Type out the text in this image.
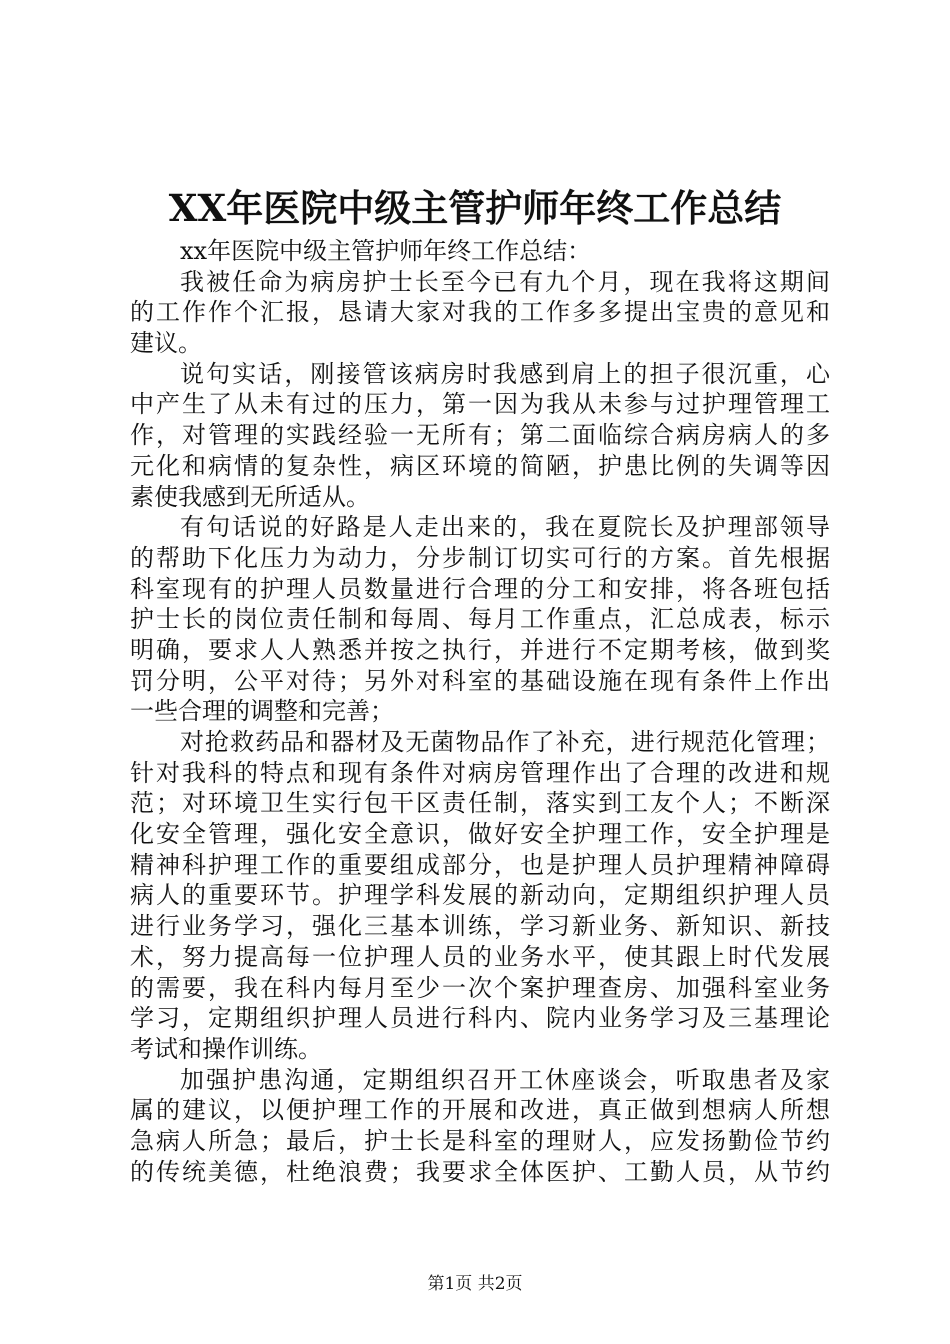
XX年医院中级主管护师年终工作总结
xx年医院中级主管护师年终工作总结：
我被任命为病房护士长至今已有九个月，现在我将这期间
的工作作个汇报，恳请大家对我的工作多多提出宝贵的意见和
建议。
说句实话，刚接管该病房时我感到肩上的担子很沉重，心
中产生了从未有过的压力，第一因为我从未参与过护理管理工
作，对管理的实践经验一无所有；第二面临综合病房病人的多
元化和病情的复杂性，病区环境的简陋，护患比例的失调等因
素使我感到无所适从。
有句话说的好路是人走出来的，我在夏院长及护理部领导
的帮助下化压力为动力，分步制订切实可行的方案。首先根据
科室现有的护理人员数量进行合理的分工和安排，将各班包括
护士长的岗位责任制和每周、每月工作重点，汇总成表，标示
明确，要求人人熟悉并按之执行，并进行不定期考核，做到奖
罚分明，公平对待；另外对科室的基础设施在现有条件上作出
一些合理的调整和完善；
对抢救药品和器材及无菌物品作了补充，进行规范化管理；
针对我科的特点和现有条件对病房管理作出了合理的改进和规
范；对环境卫生实行包干区责任制，落实到工友个人；不断深
化安全管理，强化安全意识，做好安全护理工作，安全护理是
精神科护理工作的重要组成部分，也是护理人员护理精神障碍
病人的重要环节。护理学科发展的新动向，定期组织护理人员
进行业务学习，强化三基本训练，学习新业务、新知识、新技
术，努力提高每一位护理人员的业务水平，使其跟上时代发展
的需要，我在科内每月至少一次个案护理查房、加强科室业务
学习，定期组织护理人员进行科内、院内业务学习及三基理论
考试和操作训练。
加强护患沟通，定期组织召开工休座谈会，听取患者及家
属的建议，以便护理工作的开展和改进，真正做到想病人所想
急病人所急；最后，护士长是科室的理财人，应发扬勤俭节约
的传统美德，杜绝浪费；我要求全体医护、工勤人员，从节约
第1页 共2页
